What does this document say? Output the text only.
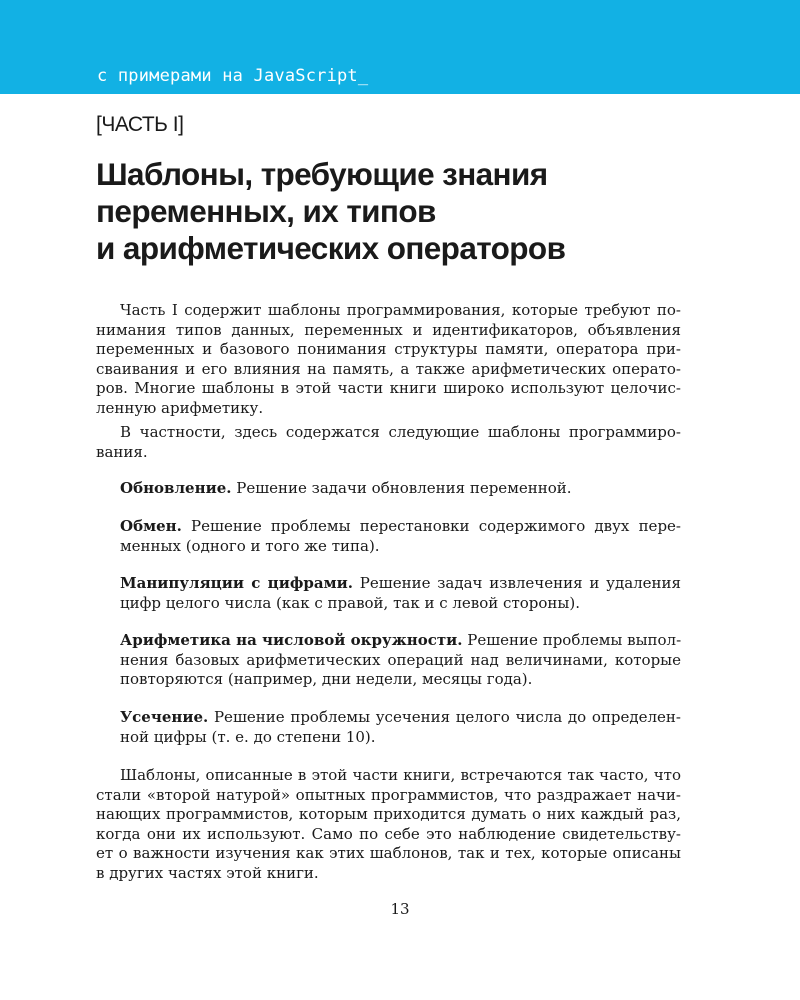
с примерами на JavaScript_
[ЧАСТЬ I]
Шаблоны, требующие знания
переменных, их типов
и арифметических операторов
Часть I содержит шаблоны программирования, которые требуют по-
нимания типов данных, переменных и идентификаторов, объявления
переменных и базового понимания структуры памяти, оператора при-
сваивания и его влияния на память, а также арифметических операто-
ров. Многие шаблоны в этой части книги широко используют целочис-
ленную арифметику.
В частности, здесь содержатся следующие шаблоны программиро-
вания.
Обновление. Решение задачи обновления переменной.
Обмен. Решение проблемы перестановки содержимого двух пере-
менных (одного и того же типа).
Манипуляции с цифрами. Решение задач извлечения и удаления
цифр целого числа (как с правой, так и с левой стороны).
Арифметика на числовой окружности. Решение проблемы выпол-
нения базовых арифметических операций над величинами, которые
повторяются (например, дни недели, месяцы года).
Усечение. Решение проблемы усечения целого числа до определен-
ной цифры (т. е. до степени 10).
Шаблоны, описанные в этой части книги, встречаются так часто, что
стали «второй натурой» опытных программистов, что раздражает начи-
нающих программистов, которым приходится думать о них каждый раз,
когда они их используют. Само по себе это наблюдение свидетельству-
ет о важности изучения как этих шаблонов, так и тех, которые описаны
в других частях этой книги.
13
